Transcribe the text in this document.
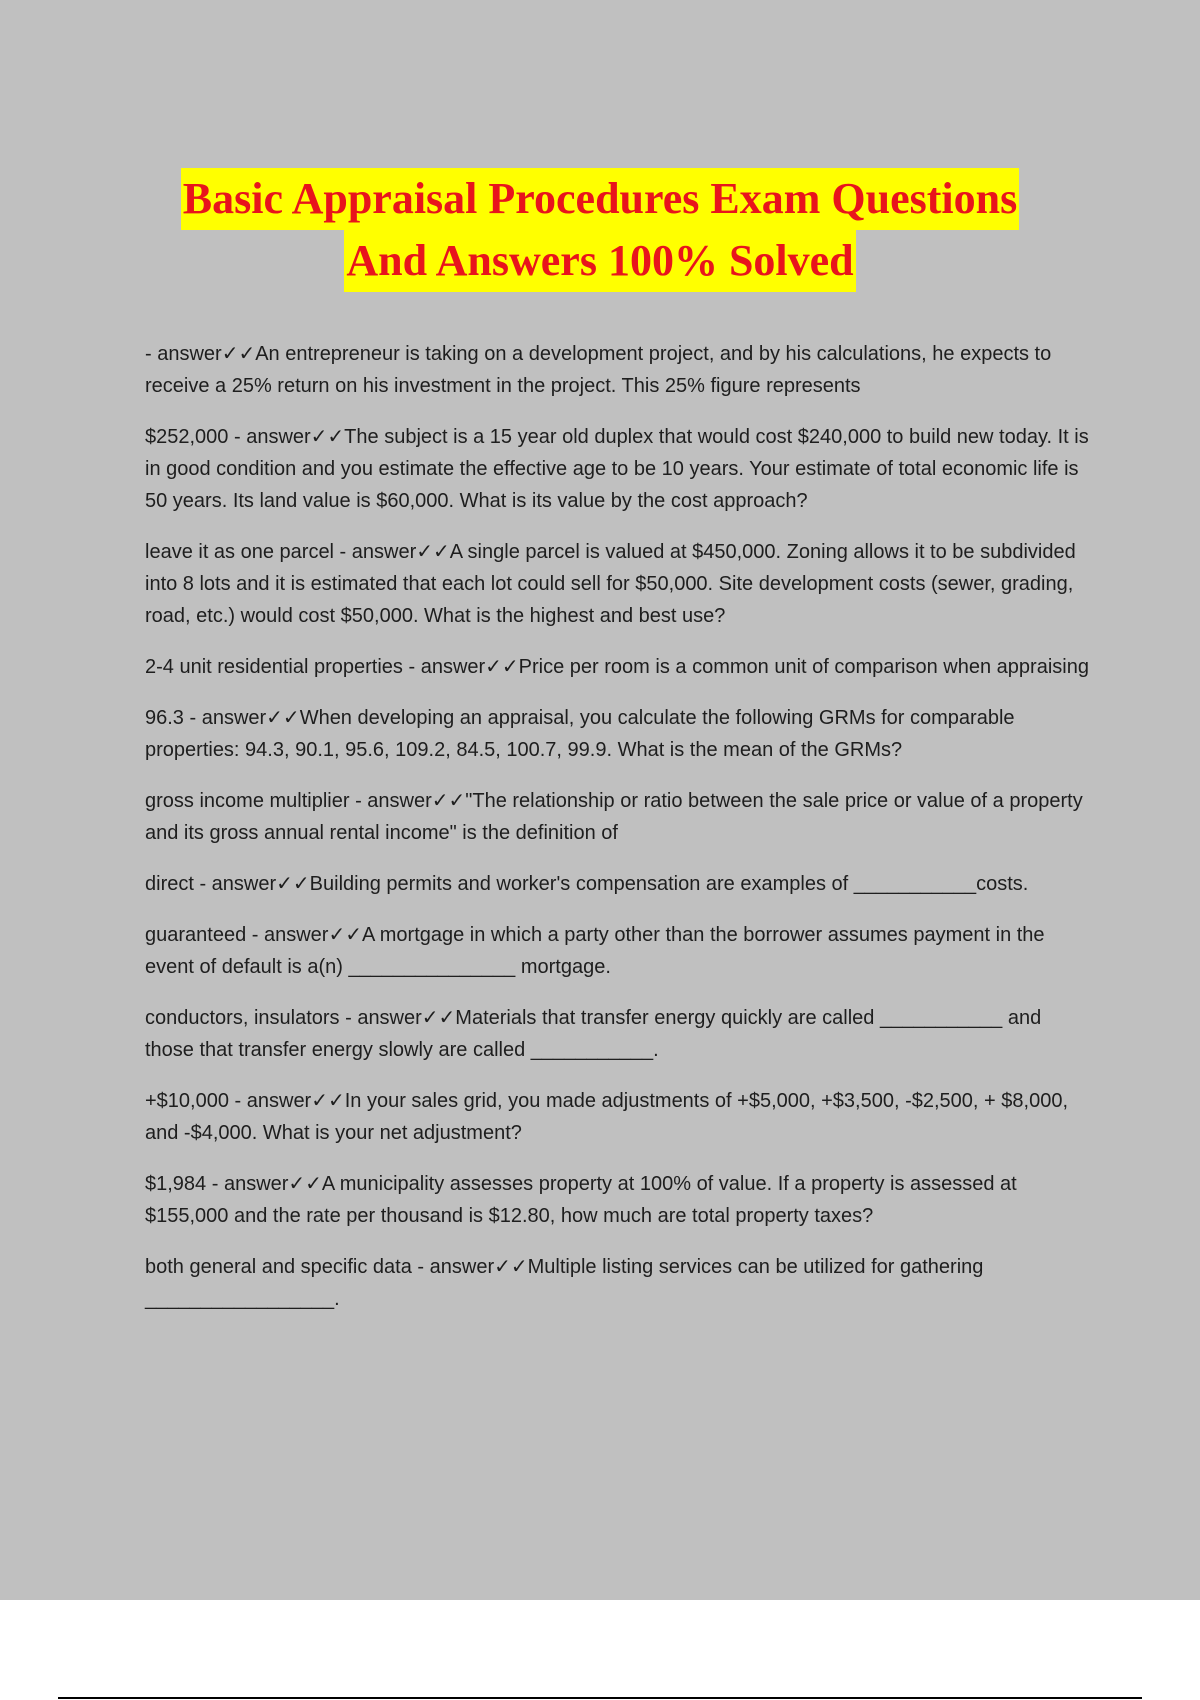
Basic Appraisal Procedures Exam Questions
And Answers 100% Solved

- answer✓✓An entrepreneur is taking on a development project, and by his calculations, he expects to receive a 25% return on his investment in the project. This 25% figure represents

$252,000 - answer✓✓The subject is a 15 year old duplex that would cost $240,000 to build new today. It is in good condition and you estimate the effective age to be 10 years. Your estimate of total economic life is 50 years. Its land value is $60,000. What is its value by the cost approach?

leave it as one parcel - answer✓✓A single parcel is valued at $450,000. Zoning allows it to be subdivided into 8 lots and it is estimated that each lot could sell for $50,000. Site development costs (sewer, grading, road, etc.) would cost $50,000. What is the highest and best use?

2-4 unit residential properties - answer✓✓Price per room is a common unit of comparison when appraising

96.3 - answer✓✓When developing an appraisal, you calculate the following GRMs for comparable properties: 94.3, 90.1, 95.6, 109.2, 84.5, 100.7, 99.9. What is the mean of the GRMs?

gross income multiplier - answer✓✓"The relationship or ratio between the sale price or value of a property and its gross annual rental income" is the definition of

direct - answer✓✓Building permits and worker's compensation are examples of ___________costs.

guaranteed - answer✓✓A mortgage in which a party other than the borrower assumes payment in the event of default is a(n) _______________ mortgage.

conductors, insulators - answer✓✓Materials that transfer energy quickly are called ___________ and those that transfer energy slowly are called ___________.

+$10,000 - answer✓✓In your sales grid, you made adjustments of +$5,000, +$3,500, -$2,500, + $8,000, and -$4,000. What is your net adjustment?

$1,984 - answer✓✓A municipality assesses property at 100% of value. If a property is assessed at $155,000 and the rate per thousand is $12.80, how much are total property taxes?

both general and specific data - answer✓✓Multiple listing services can be utilized for gathering _________________.
